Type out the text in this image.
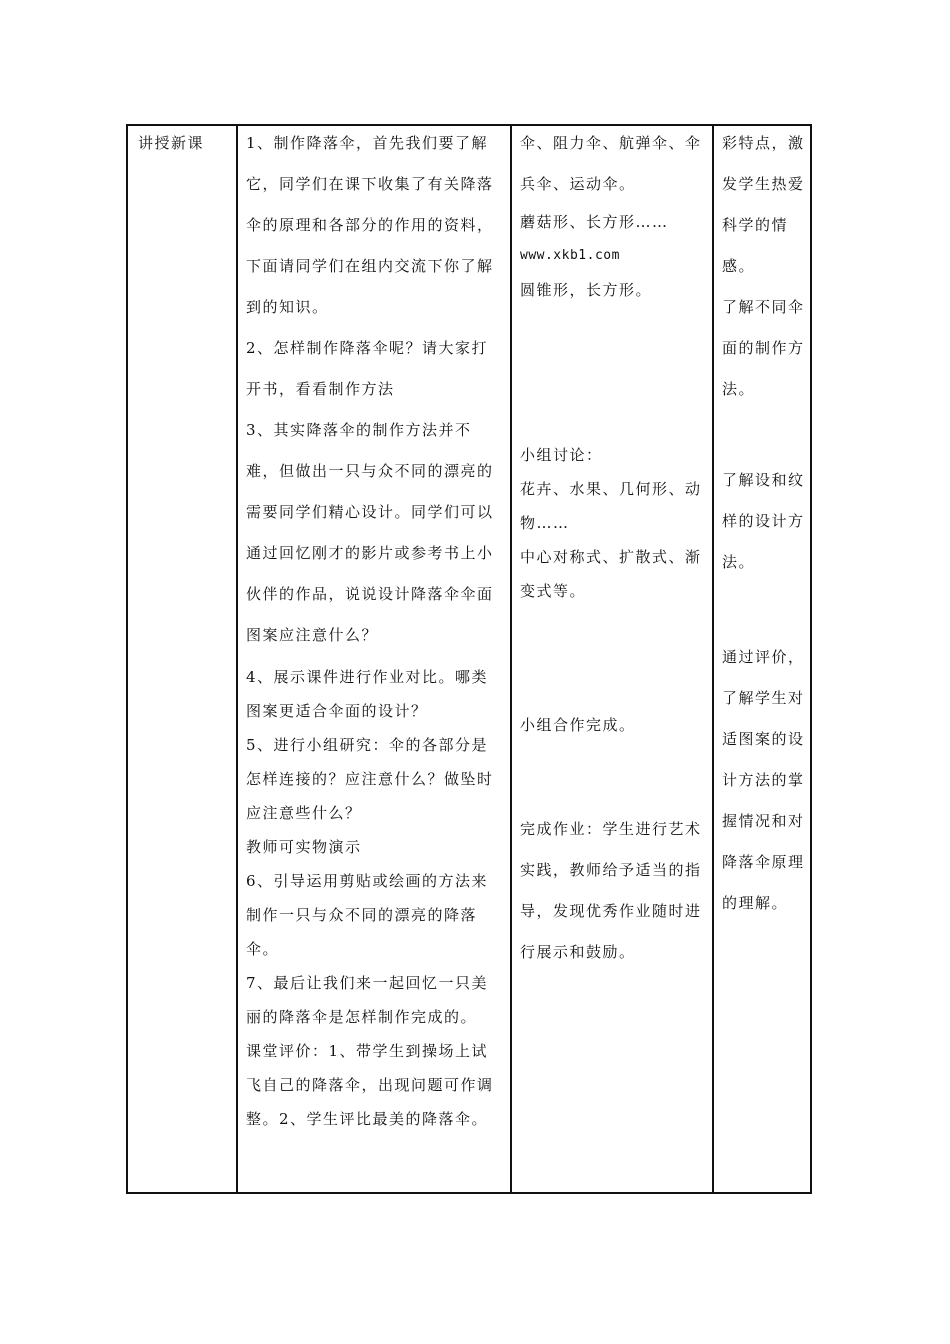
讲授新课	1、制作降落伞，首先我们要了解它，同学们在课下收集了有关降落伞的原理和各部分的作用的资料，下面请同学们在组内交流下你了解到的知识。

2、怎样制作降落伞呢？请大家打开书，看看制作方法

3、其实降落伞的制作方法并不难，但做出一只与众不同的漂亮的需要同学们精心设计。同学们可以通过回忆刚才的影片或参考书上小伙伴的作品，说说设计降落伞伞面图案应注意什么？

4、展示课件进行作业对比。哪类图案更适合伞面的设计？

5、进行小组研究：伞的各部分是怎样连接的？应注意什么？做坠时应注意些什么？

教师可实物演示

6、引导运用剪贴或绘画的方法来制作一只与众不同的漂亮的降落伞。

7、最后让我们来一起回忆一只美丽的降落伞是怎样制作完成的。

课堂评价：1、带学生到操场上试飞自己的降落伞，出现问题可作调整。2、学生评比最美的降落伞。

伞、阻力伞、航弹伞、伞兵伞、运动伞。

蘑菇形、长方形……

www.xkb1.com

圆锥形，长方形。

小组讨论：

花卉、水果、几何形、动物……

中心对称式、扩散式、渐变式等。

小组合作完成。

完成作业：学生进行艺术实践，教师给予适当的指导，发现优秀作业随时进行展示和鼓励。

彩特点，激发学生热爱科学的情感。

了解不同伞面的制作方法。

了解设和纹样的设计方法。

通过评价，了解学生对适图案的设计方法的掌握情况和对降落伞原理的理解。
